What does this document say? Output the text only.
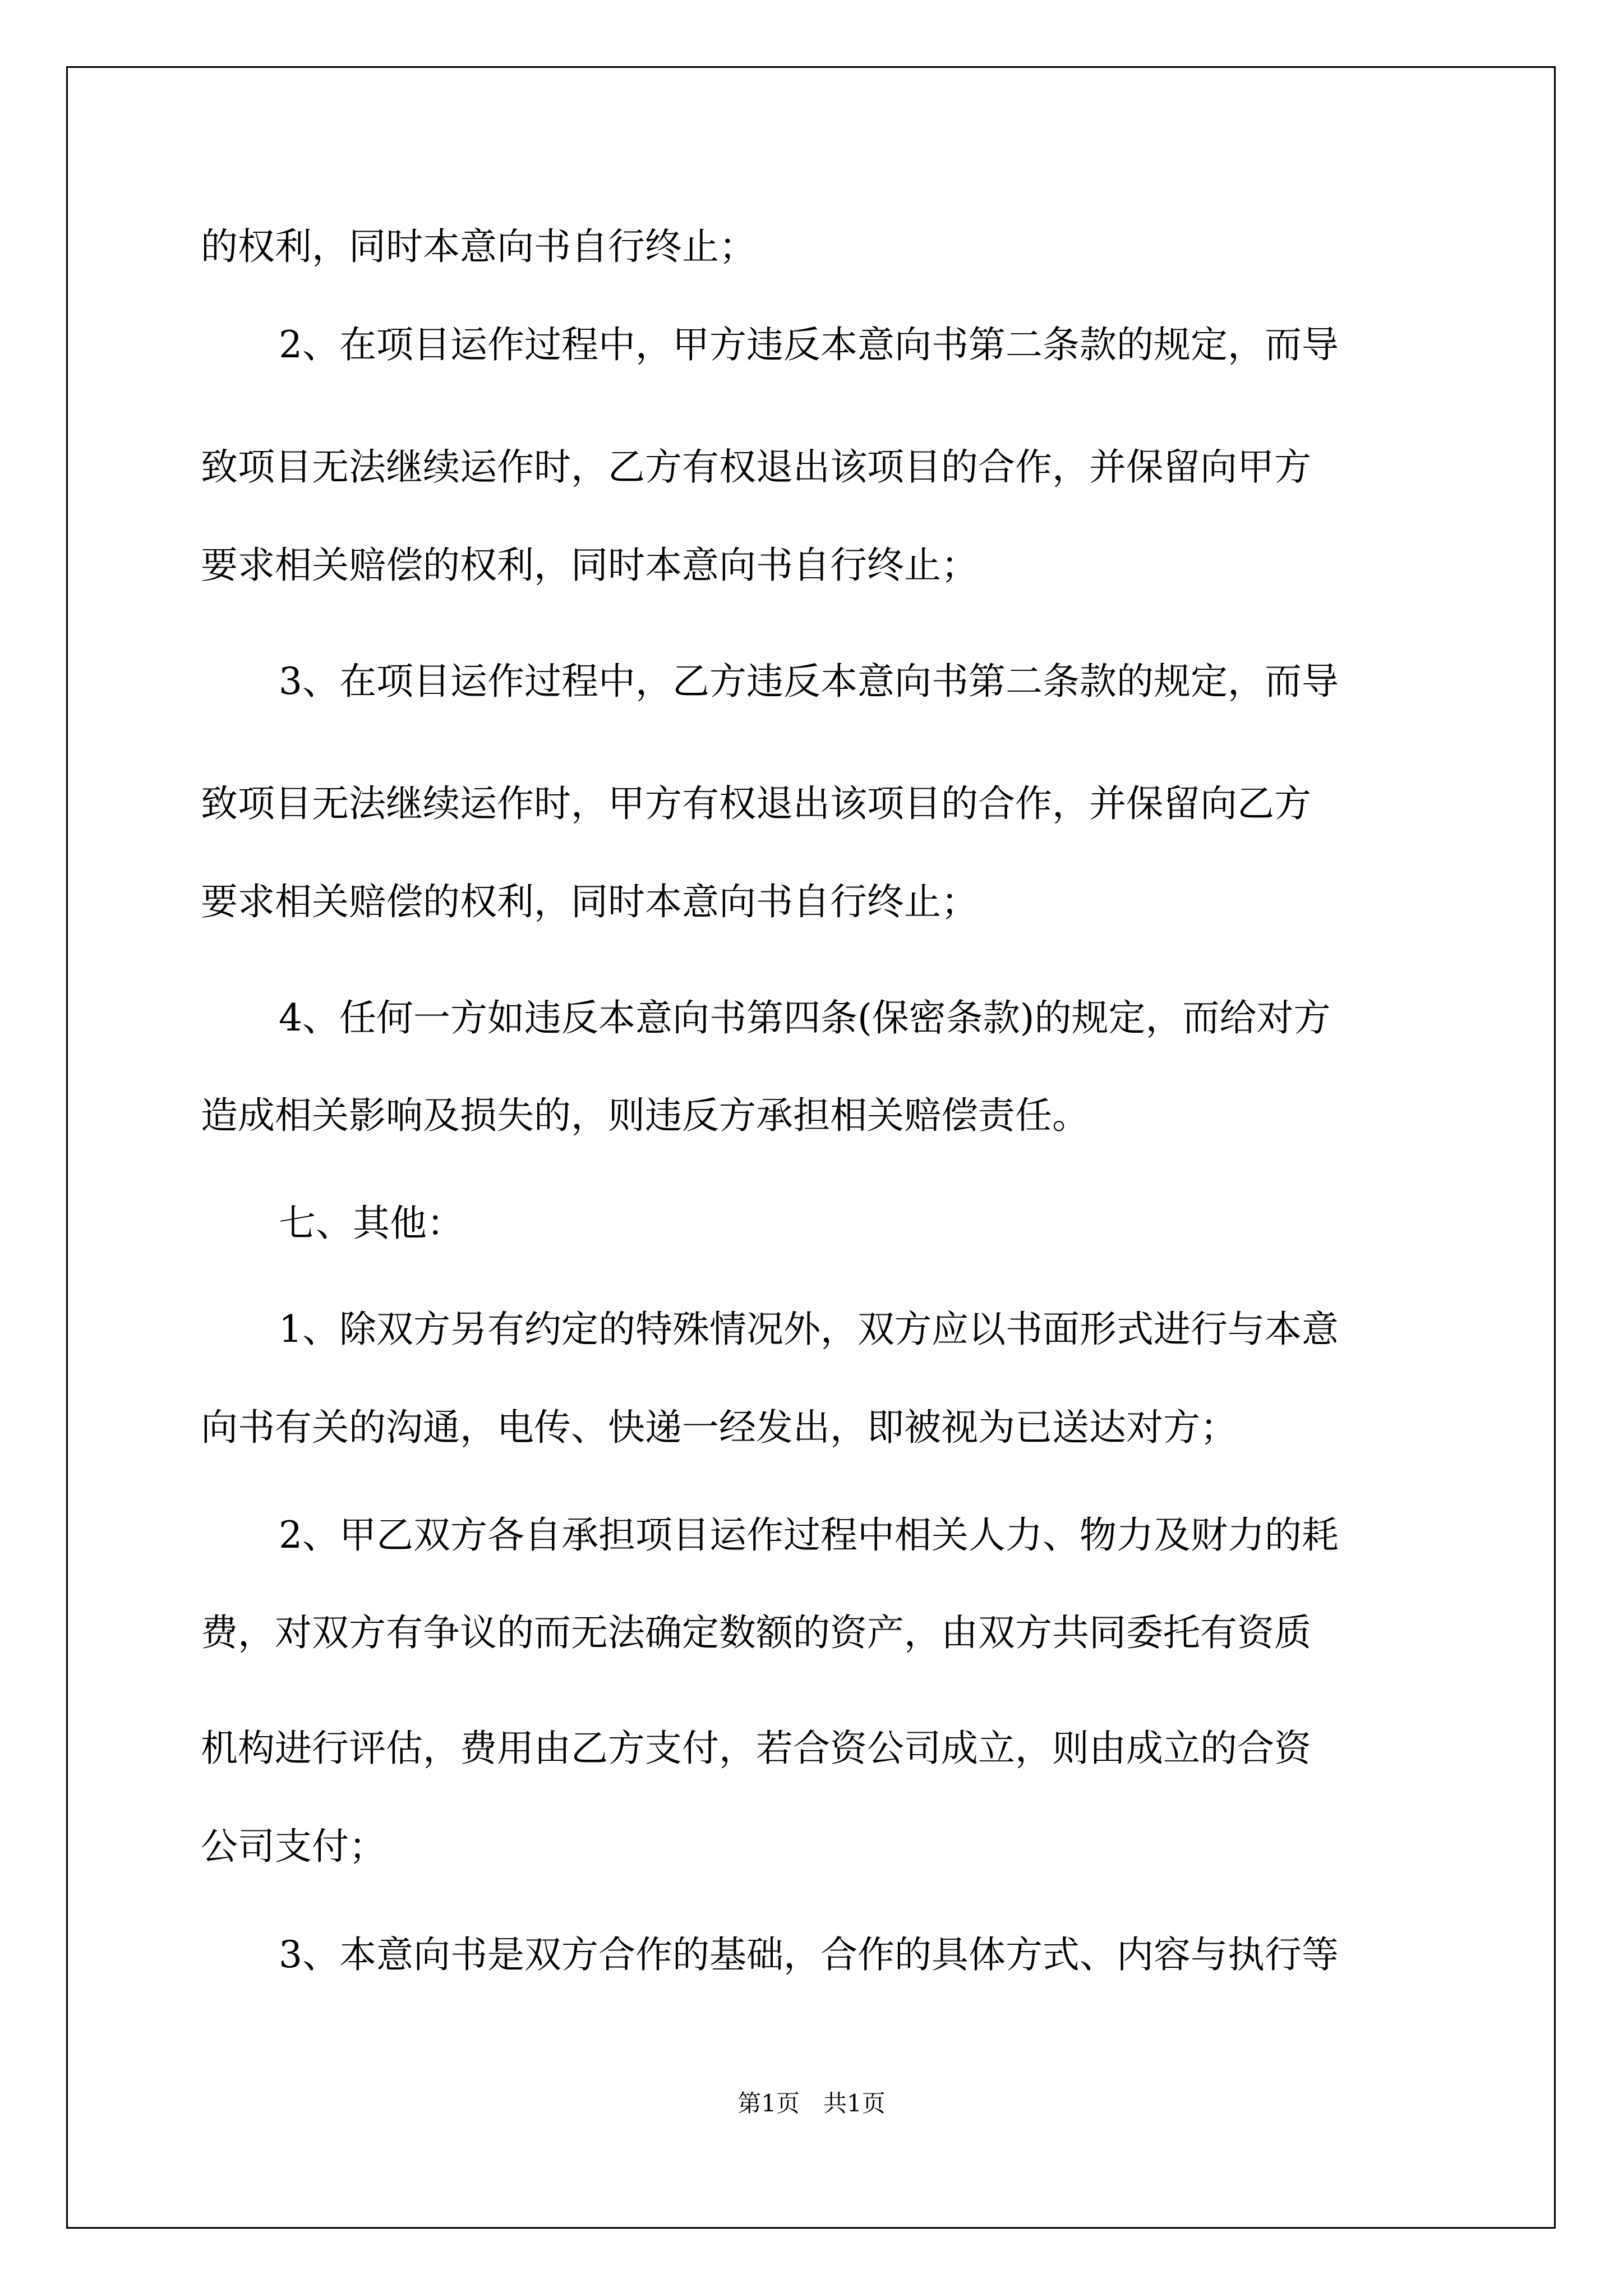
的权利，同时本意向书自行终止；

2、在项目运作过程中，甲方违反本意向书第二条款的规定，而导

致项目无法继续运作时，乙方有权退出该项目的合作，并保留向甲方

要求相关赔偿的权利，同时本意向书自行终止；

3、在项目运作过程中，乙方违反本意向书第二条款的规定，而导

致项目无法继续运作时，甲方有权退出该项目的合作，并保留向乙方

要求相关赔偿的权利，同时本意向书自行终止；

4、任何一方如违反本意向书第四条(保密条款)的规定，而给对方

造成相关影响及损失的，则违反方承担相关赔偿责任。

七、其他：

1、除双方另有约定的特殊情况外，双方应以书面形式进行与本意

向书有关的沟通，电传、快递一经发出，即被视为已送达对方；

2、甲乙双方各自承担项目运作过程中相关人力、物力及财力的耗

费，对双方有争议的而无法确定数额的资产，由双方共同委托有资质

机构进行评估，费用由乙方支付，若合资公司成立，则由成立的合资

公司支付；

3、本意向书是双方合作的基础，合作的具体方式、内容与执行等

第1页　共1页
